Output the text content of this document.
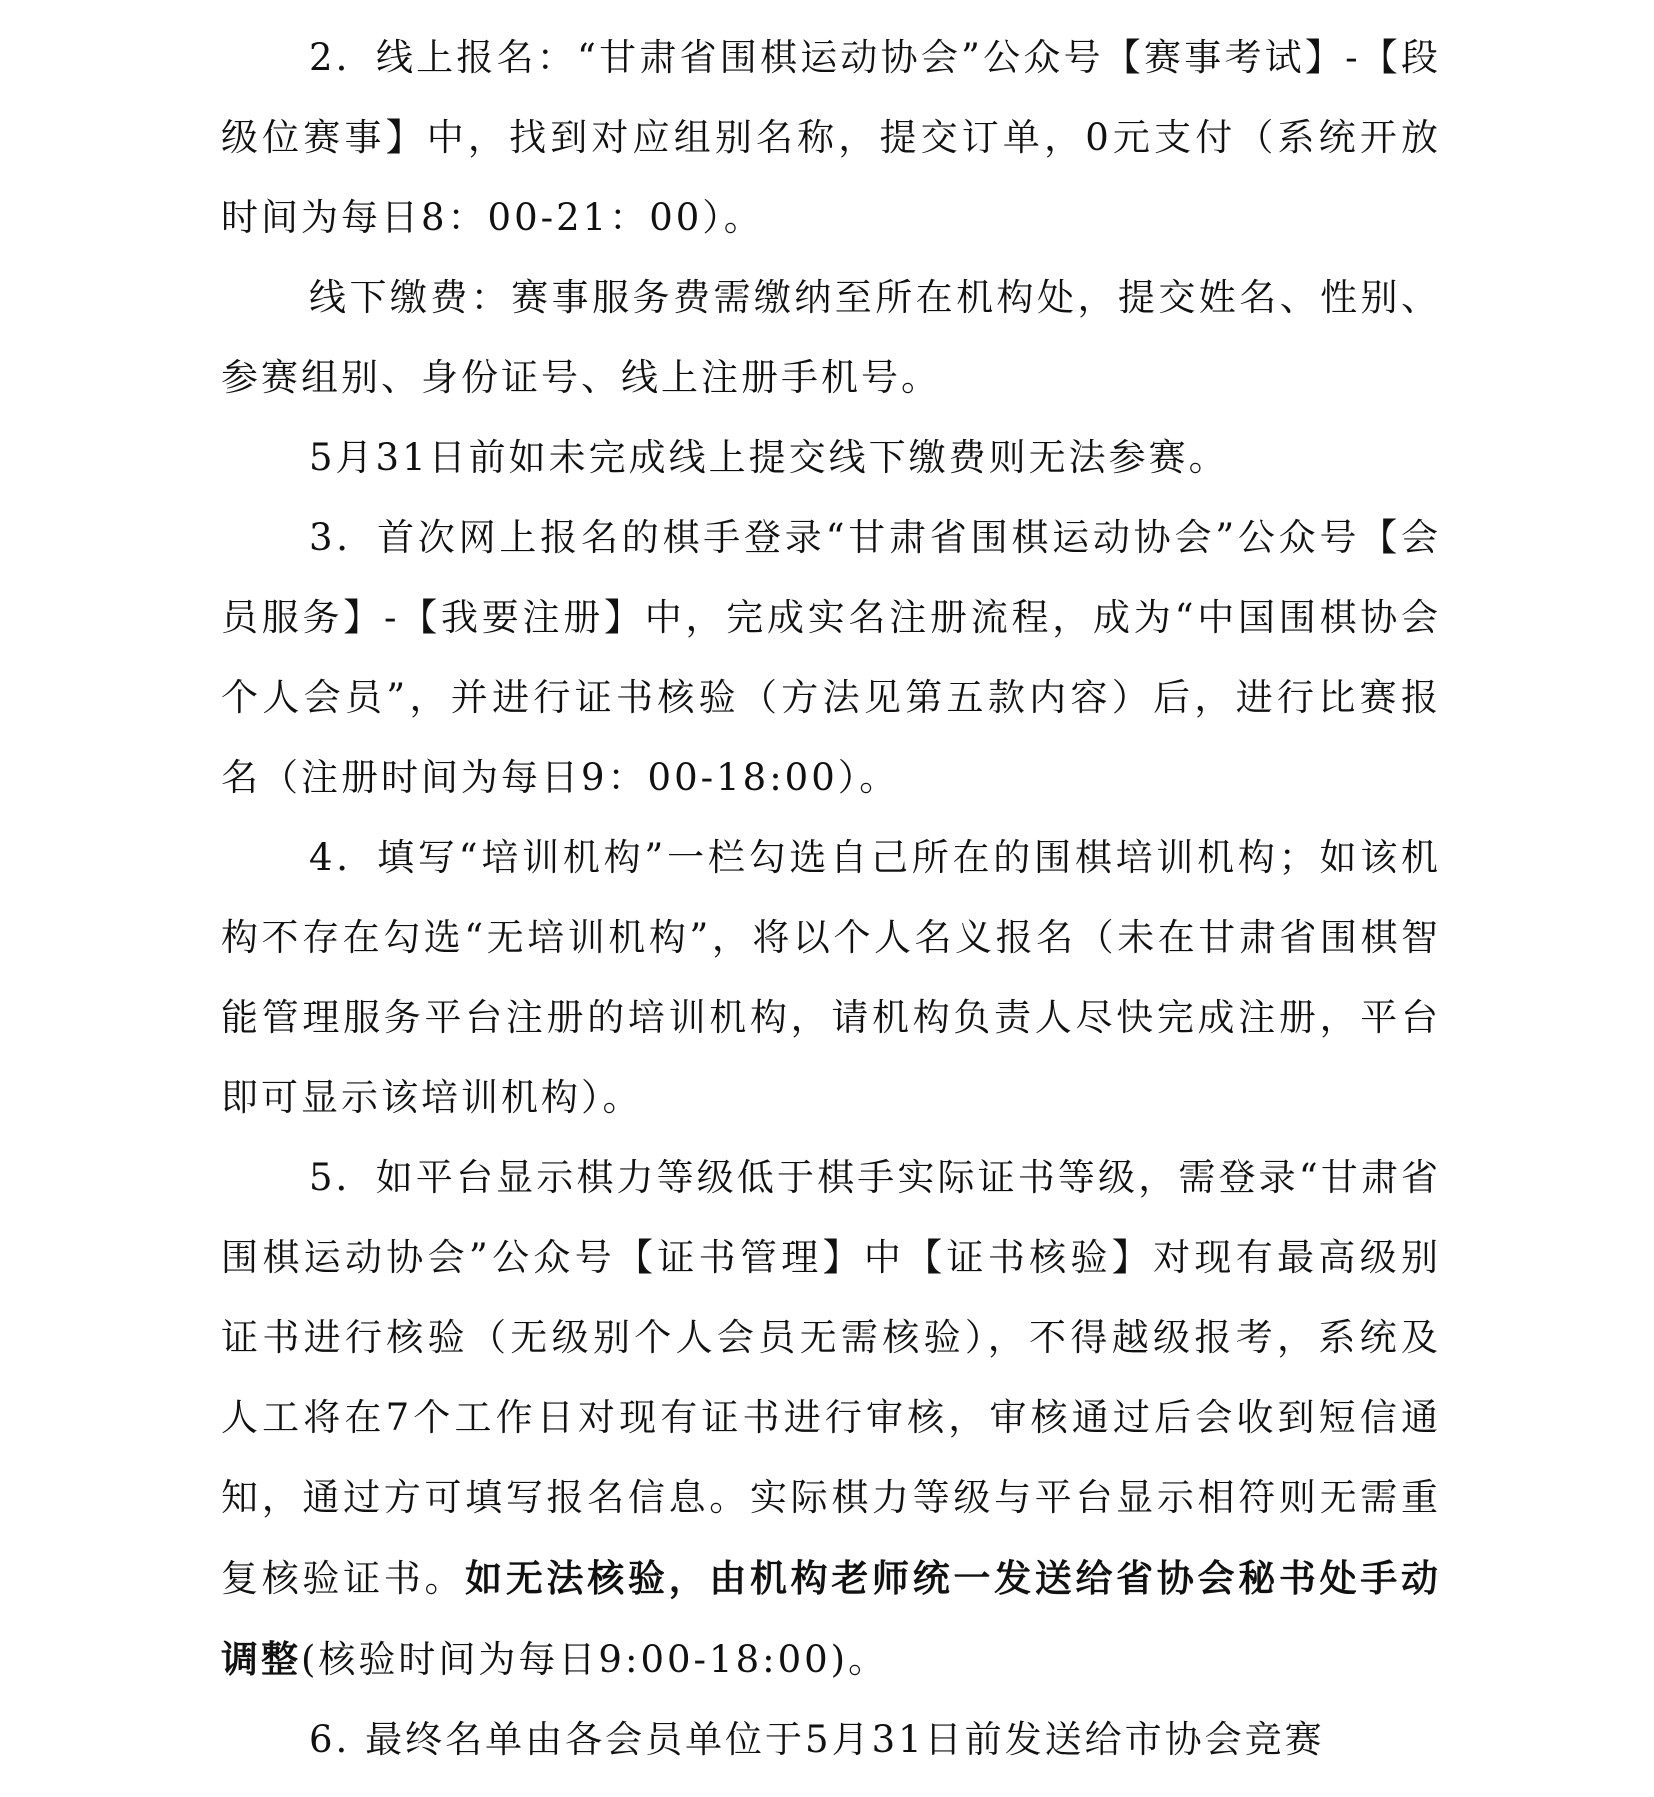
2．线上报名：“甘肃省围棋运动协会”公众号【赛事考试】-【段级位赛事】中，找到对应组别名称，提交订单，0元支付（系统开放时间为每日8：00-21：00）。

线下缴费：赛事服务费需缴纳至所在机构处，提交姓名、性别、参赛组别、身份证号、线上注册手机号。

5月31日前如未完成线上提交线下缴费则无法参赛。

3．首次网上报名的棋手登录“甘肃省围棋运动协会”公众号【会员服务】-【我要注册】中，完成实名注册流程，成为“中国围棋协会个人会员”，并进行证书核验（方法见第五款内容）后，进行比赛报名（注册时间为每日9：00-18:00）。

4．填写“培训机构”一栏勾选自己所在的围棋培训机构；如该机构不存在勾选“无培训机构”，将以个人名义报名（未在甘肃省围棋智能管理服务平台注册的培训机构，请机构负责人尽快完成注册，平台即可显示该培训机构）。

5．如平台显示棋力等级低于棋手实际证书等级，需登录“甘肃省围棋运动协会”公众号【证书管理】中【证书核验】对现有最高级别证书进行核验（无级别个人会员无需核验），不得越级报考，系统及人工将在7个工作日对现有证书进行审核，审核通过后会收到短信通知，通过方可填写报名信息。实际棋力等级与平台显示相符则无需重复核验证书。如无法核验，由机构老师统一发送给省协会秘书处手动调整(核验时间为每日9:00-18:00)。

6. 最终名单由各会员单位于5月31日前发送给市协会竞赛
